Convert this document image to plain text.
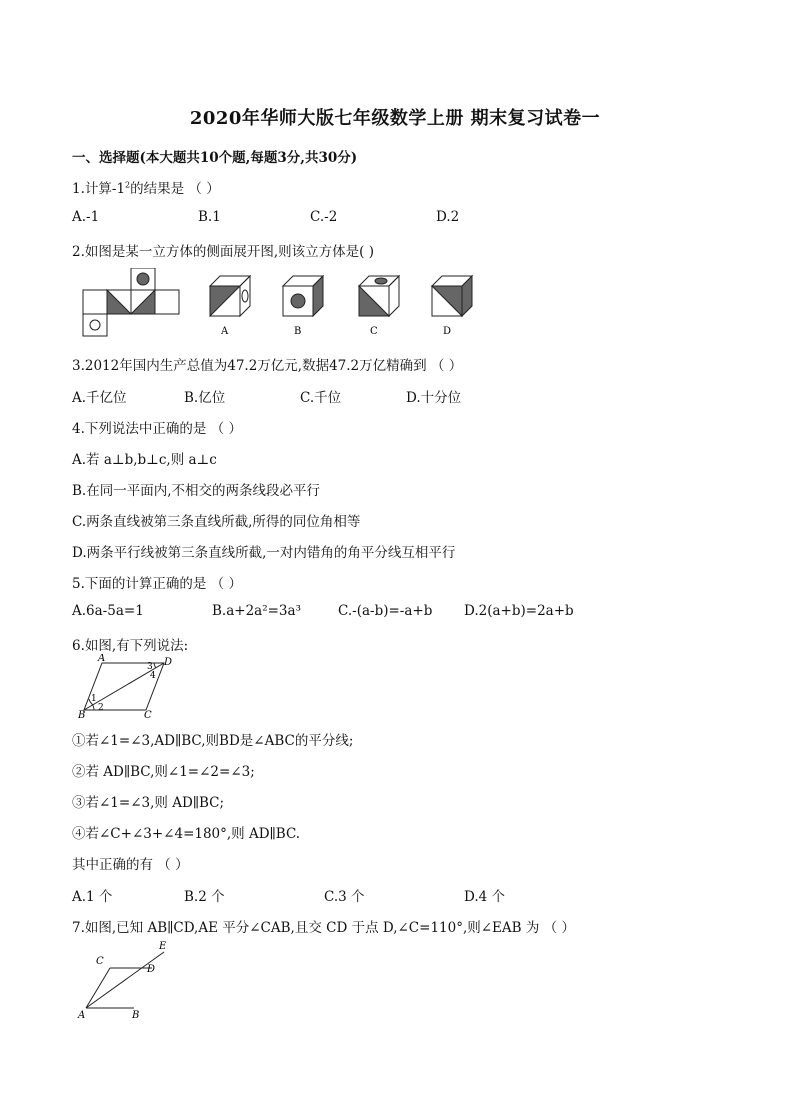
2020年华师大版七年级数学上册 期末复习试卷一
一、选择题(本大题共10个题,每题3分,共30分)
1.计算$-1^2$的结果是 （ ）
A.-1	B.1	C.-2	D.2
2.如图是某一立方体的侧面展开图,则该立方体是( )
A	B	C	D
3.2012年国内生产总值为47.2万亿元,数据47.2万亿精确到 （ ）
A.千亿位	B.亿位	C.千位	D.十分位
4.下列说法中正确的是 （ ）
A.若 a⊥b,b⊥c,则 a⊥c
B.在同一平面内,不相交的两条线段必平行
C.两条直线被第三条直线所截,所得的同位角相等
D.两条平行线被第三条直线所截,一对内错角的角平分线互相平行
5.下面的计算正确的是 （ ）
A.6a-5a=1	B.a+2a²=3a³	C.-(a-b)=-a+b D.2(a+b)=2a+b
6.如图,有下列说法:
A	D
B	C
1
2
3
4
①若∠1=∠3,AD∥BC,则BD是∠ABC的平分线;
②若 AD∥BC,则∠1=∠2=∠3;
③若∠1=∠3,则 AD∥BC;
④若∠C+∠3+∠4=180°,则 AD∥BC.
其中正确的有 （ ）
A.1 个	B.2 个	C.3 个	D.4 个
7.如图,已知 AB∥CD,AE 平分∠CAB,且交 CD 于点 D,∠C=110°,则∠EAB 为 （ ）
C
E
D
A	B
